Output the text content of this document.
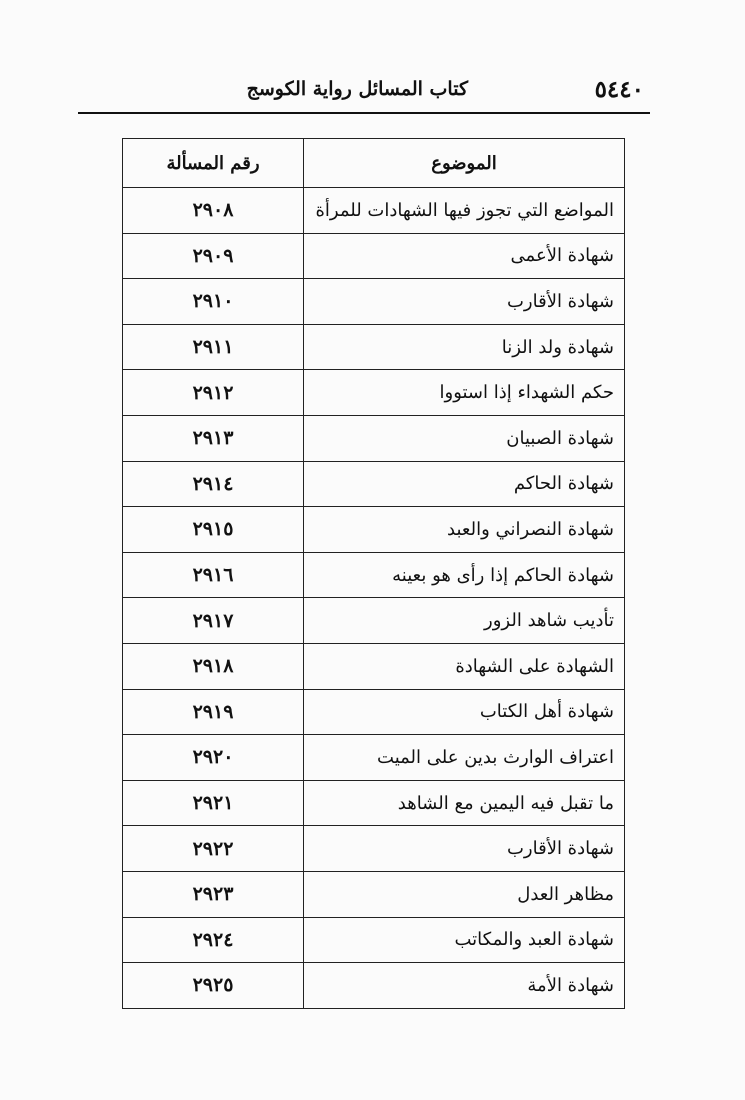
٥٤٤٠
كتاب المسائل رواية الكوسج
الموضوع	رقم المسألة
المواضع التي تجوز فيها الشهادات للمرأة	٢٩٠٨
شهادة الأعمى	٢٩٠٩
شهادة الأقارب	٢٩١٠
شهادة ولد الزنا	٢٩١١
حكم الشهداء إذا استووا	٢٩١٢
شهادة الصبيان	٢٩١٣
شهادة الحاكم	٢٩١٤
شهادة النصراني والعبد	٢٩١٥
شهادة الحاكم إذا رأى هو بعينه	٢٩١٦
تأديب شاهد الزور	٢٩١٧
الشهادة على الشهادة	٢٩١٨
شهادة أهل الكتاب	٢٩١٩
اعتراف الوارث بدين على الميت	٢٩٢٠
ما تقبل فيه اليمين مع الشاهد	٢٩٢١
شهادة الأقارب	٢٩٢٢
مظاهر العدل	٢٩٢٣
شهادة العبد والمكاتب	٢٩٢٤
شهادة الأمة	٢٩٢٥
